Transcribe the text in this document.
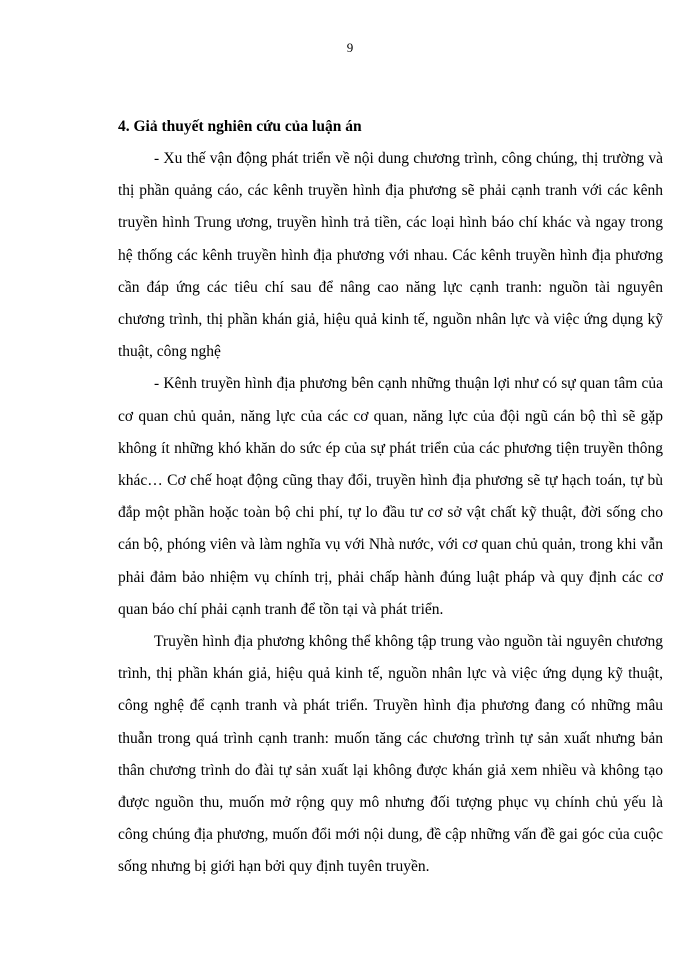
9

4. Giả thuyết nghiên cứu của luận án

- Xu thế vận động phát triển về nội dung chương trình, công chúng, thị trường và thị phần quảng cáo, các kênh truyền hình địa phương sẽ phải cạnh tranh với các kênh truyền hình Trung ương, truyền hình trả tiền, các loại hình báo chí khác và ngay trong hệ thống các kênh truyền hình địa phương với nhau. Các kênh truyền hình địa phương cần đáp ứng các tiêu chí sau để nâng cao năng lực cạnh tranh: nguồn tài nguyên chương trình, thị phần khán giả, hiệu quả kinh tế, nguồn nhân lực và việc ứng dụng kỹ thuật, công nghệ

- Kênh truyền hình địa phương bên cạnh những thuận lợi như có sự quan tâm của cơ quan chủ quản, năng lực của các cơ quan, năng lực của đội ngũ cán bộ thì sẽ gặp không ít những khó khăn do sức ép của sự phát triển của các phương tiện truyền thông khác… Cơ chế hoạt động cũng thay đổi, truyền hình địa phương sẽ tự hạch toán, tự bù đắp một phần hoặc toàn bộ chi phí, tự lo đầu tư cơ sở vật chất kỹ thuật, đời sống cho cán bộ, phóng viên và làm nghĩa vụ với Nhà nước, với cơ quan chủ quản, trong khi vẫn phải đảm bảo nhiệm vụ chính trị, phải chấp hành đúng luật pháp và quy định các cơ quan báo chí phải cạnh tranh để tồn tại và phát triển.

Truyền hình địa phương không thể không tập trung vào nguồn tài nguyên chương trình, thị phần khán giả, hiệu quả kinh tế, nguồn nhân lực và việc ứng dụng kỹ thuật, công nghệ để cạnh tranh và phát triển. Truyền hình địa phương đang có những mâu thuẫn trong quá trình cạnh tranh: muốn tăng các chương trình tự sản xuất nhưng bản thân chương trình do đài tự sản xuất lại không được khán giả xem nhiều và không tạo được nguồn thu, muốn mở rộng quy mô nhưng đối tượng phục vụ chính chủ yếu là công chúng địa phương, muốn đổi mới nội dung, đề cập những vấn đề gai góc của cuộc sống nhưng bị giới hạn bởi quy định tuyên truyền.
